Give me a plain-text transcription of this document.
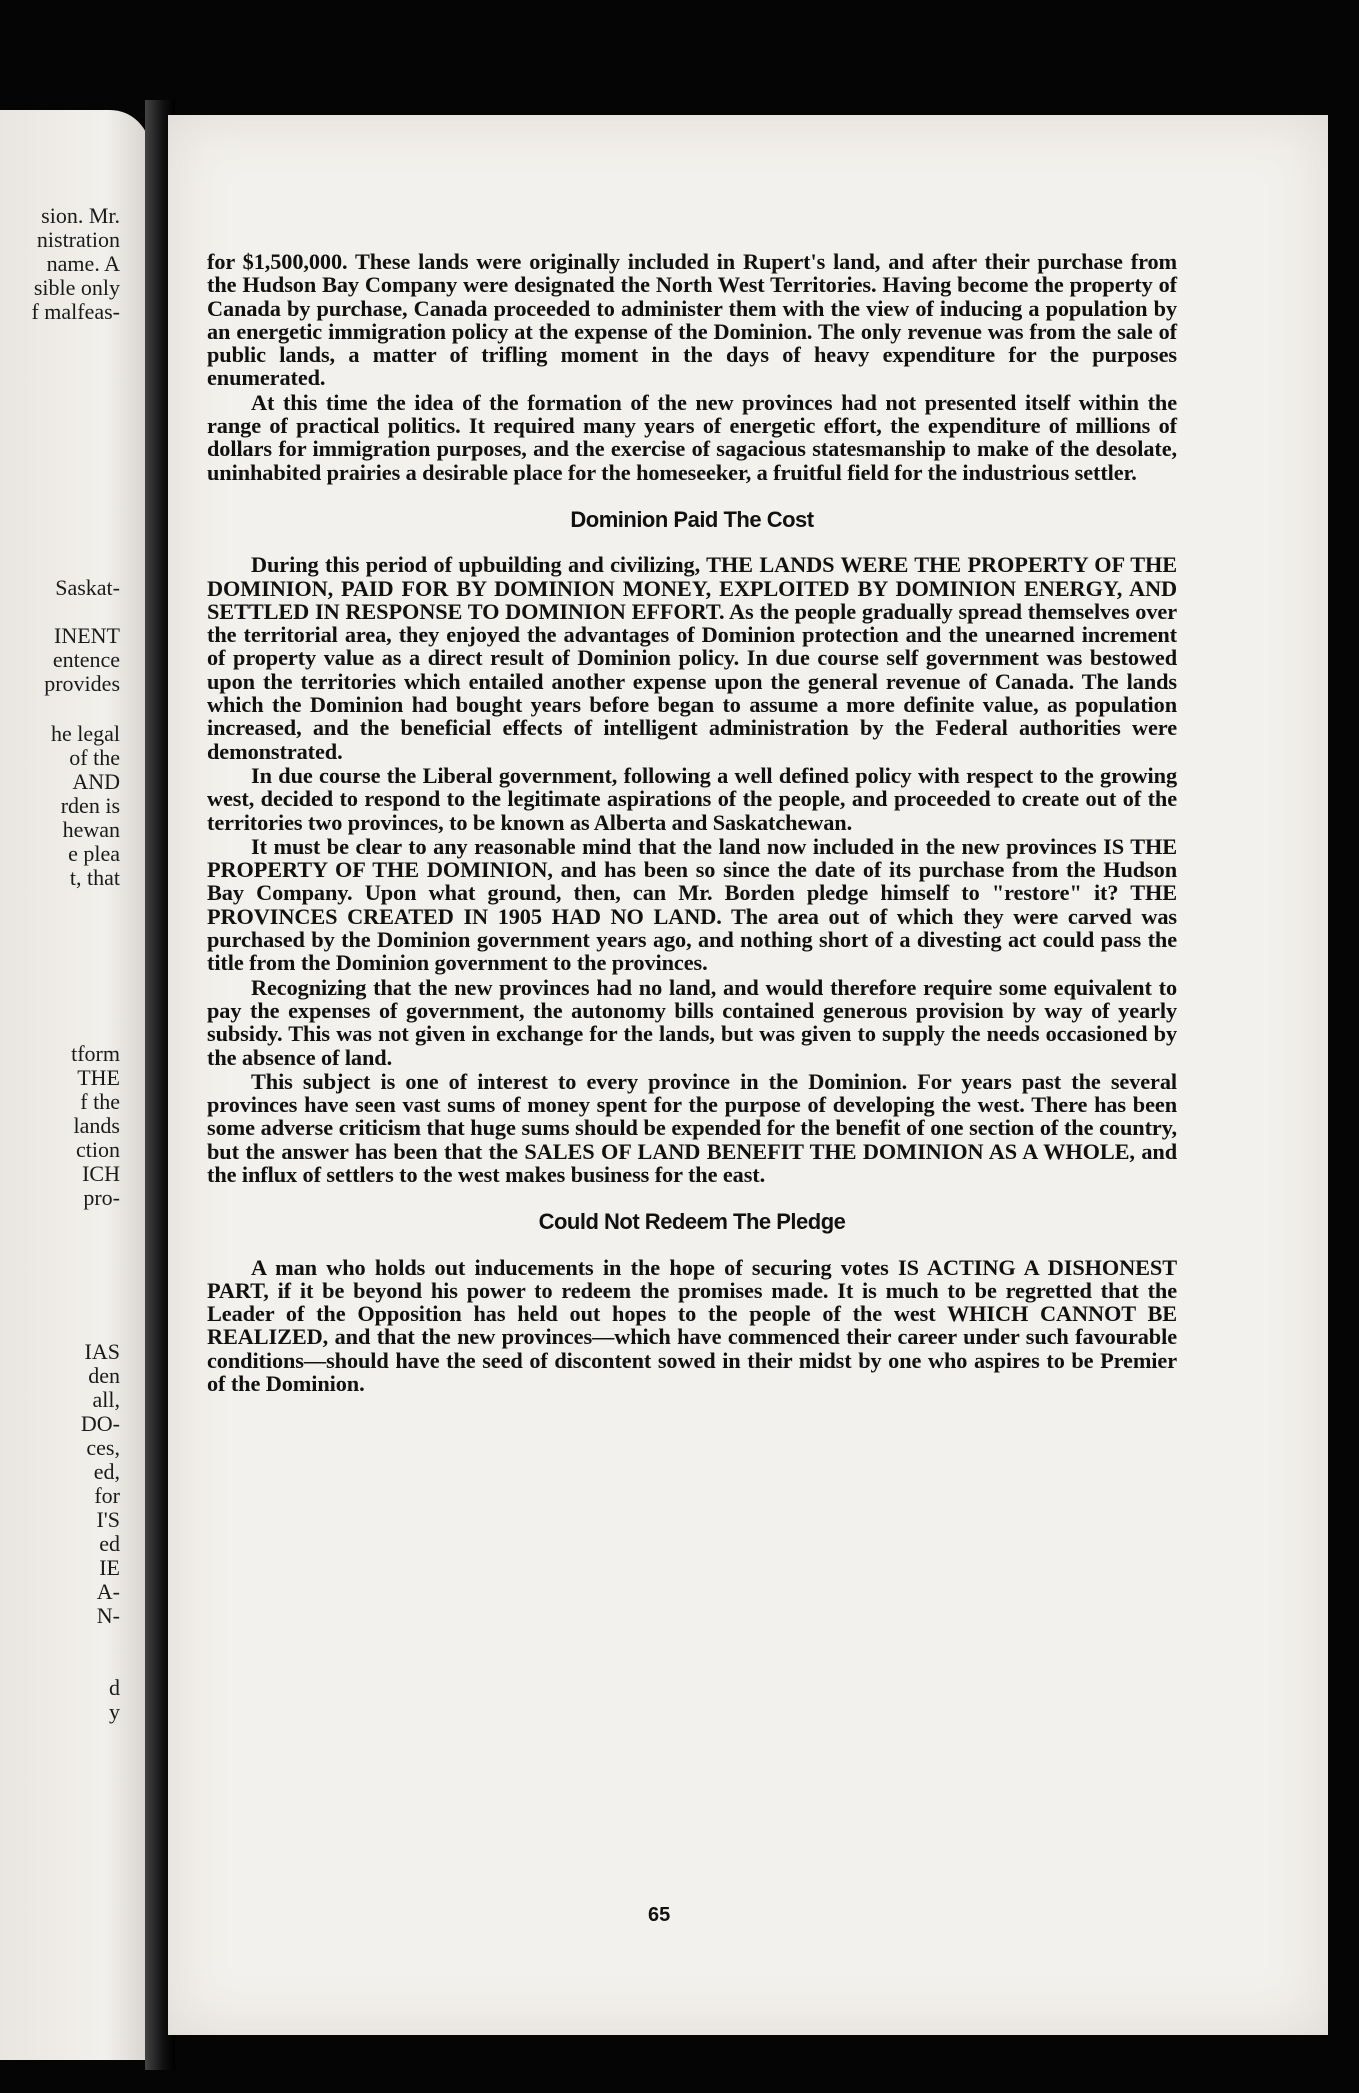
sion. Mr.
nistration
name. A
sible only
f malfeas-
Saskat-
INENT
entence
provides
he legal
of the
AND
rden is
hewan
e plea
t, that
tform
THE
f the
lands
ction
ICH
pro-
IAS
den
all,
DO-
ces,
ed,
for
I'S
ed
IE
A-
N-
d
y

for $1,500,000. These lands were originally included in Rupert's land, and after their purchase from the Hudson Bay Company were designated the North West Territories. Having become the property of Canada by purchase, Canada proceeded to administer them with the view of inducing a population by an energetic immigration policy at the expense of the Dominion. The only revenue was from the sale of public lands, a matter of trifling moment in the days of heavy expenditure for the purposes enumerated.

At this time the idea of the formation of the new provinces had not presented itself within the range of practical politics. It required many years of energetic effort, the expenditure of millions of dollars for immigration purposes, and the exercise of sagacious statesmanship to make of the desolate, uninhabited prairies a desirable place for the homeseeker, a fruitful field for the industrious settler.

Dominion Paid The Cost

During this period of upbuilding and civilizing, THE LANDS WERE THE PROPERTY OF THE DOMINION, PAID FOR BY DOMINION MONEY, EXPLOITED BY DOMINION ENERGY, AND SETTLED IN RESPONSE TO DOMINION EFFORT. As the people gradually spread themselves over the territorial area, they enjoyed the advantages of Dominion protection and the unearned increment of property value as a direct result of Dominion policy. In due course self government was bestowed upon the territories which entailed another expense upon the general revenue of Canada. The lands which the Dominion had bought years before began to assume a more definite value, as population increased, and the beneficial effects of intelligent administration by the Federal authorities were demonstrated.

In due course the Liberal government, following a well defined policy with respect to the growing west, decided to respond to the legitimate aspirations of the people, and proceeded to create out of the territories two provinces, to be known as Alberta and Saskatchewan.

It must be clear to any reasonable mind that the land now included in the new provinces IS THE PROPERTY OF THE DOMINION, and has been so since the date of its purchase from the Hudson Bay Company. Upon what ground, then, can Mr. Borden pledge himself to "restore" it? THE PROVINCES CREATED IN 1905 HAD NO LAND. The area out of which they were carved was purchased by the Dominion government years ago, and nothing short of a divesting act could pass the title from the Dominion government to the provinces.

Recognizing that the new provinces had no land, and would therefore require some equivalent to pay the expenses of government, the autonomy bills contained generous provision by way of yearly subsidy. This was not given in exchange for the lands, but was given to supply the needs occasioned by the absence of land.

This subject is one of interest to every province in the Dominion. For years past the several provinces have seen vast sums of money spent for the purpose of developing the west. There has been some adverse criticism that huge sums should be expended for the benefit of one section of the country, but the answer has been that the SALES OF LAND BENEFIT THE DOMINION AS A WHOLE, and the influx of settlers to the west makes business for the east.

Could Not Redeem The Pledge

A man who holds out inducements in the hope of securing votes IS ACTING A DISHONEST PART, if it be beyond his power to redeem the promises made. It is much to be regretted that the Leader of the Opposition has held out hopes to the people of the west WHICH CANNOT BE REALIZED, and that the new provinces—which have commenced their career under such favourable conditions—should have the seed of discontent sowed in their midst by one who aspires to be Premier of the Dominion.

65
